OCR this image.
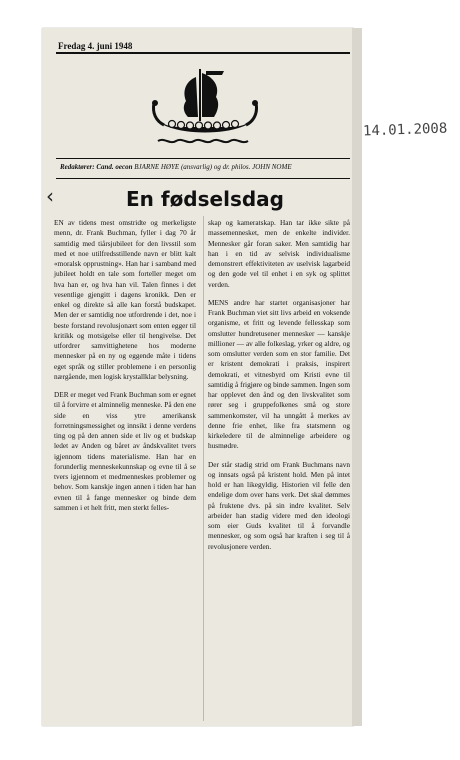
Fredag 4. juni 1948
14.01.2008
Redaktører: Cand. oecon BJARNE HØYE (ansvarlig) og dr. philos. JOHN NOME
‹	En fødselsdag

EN av tidens mest omstridte og merkeligste menn, dr. Frank Buchman, fyller i dag 70 år samtidig med tiårsjubileet for den livsstil som med et noe utilfredsstillende navn er blitt kalt «moralsk opprustning». Han har i samband med jubileet holdt en tale som forteller meget om hva han er, og hva han vil. Talen finnes i det vesentlige gjengitt i dagens kronikk. Den er enkel og direkte så alle kan forstå budskapet. Men der er samtidig noe utfordrende i det, noe i beste forstand revolusjonært som enten egger til kritikk og motsigelse eller til hengivelse. Det utfordrer samvittighetene hos moderne mennesker på en ny og eggende måte i tidens eget språk og stiller problemene i en personlig nærgående, men logisk krystallklar belysning.

DER er meget ved Frank Buchman som er egnet til å forvirre et alminnelig menneske. På den ene side en viss ytre amerikansk forretningsmessighet og innsikt i denne verdens ting og på den annen side et liv og et budskap ledet av Anden og båret av åndskvalitet tvers igjennom tidens materialisme. Han har en forunderlig menneskekunnskap og evne til å se tvers igjennom et medmenneskes problemer og behov. Som kanskje ingen annen i tiden har han evnen til å fange mennesker og binde dem sammen i et helt fritt, men sterkt felles-

skap og kameratskap. Han tar ikke sikte på massemennesket, men de enkelte individer. Mennesker går foran saker. Men samtidig har han i en tid av selvisk individualisme demonstrert effektiviteten av uselvisk lagarbeid og den gode vel til enhet i en syk og splittet verden.

MENS andre har startet organisasjoner har Frank Buchman viet sitt livs arbeid en voksende organisme, et fritt og levende fellesskap som omslutter hundretusener mennesker — kanskje millioner — av alle folkeslag, yrker og aldre, og som omslutter verden som en stor familie. Det er kristent demokrati i praksis, inspirert demokrati, et vitnesbyrd om Kristi evne til samtidig å frigjøre og binde sammen. Ingen som har opplevet den ånd og den livskvalitet som rører seg i gruppefolkenes små og store sammenkomster, vil ha unngått å merkes av denne frie enhet, like fra statsmenn og kirkeledere til de alminnelige arbeidere og husmødre.

Der står stadig strid om Frank Buchmans navn og innsats også på kristent hold. Men på intet hold er han likegyldig. Historien vil felle den endelige dom over hans verk. Det skal dømmes på fruktene dvs. på sin indre kvalitet. Selv arbeider han stadig videre med den ideologi som eier Guds kvalitet til å forvandle mennesker, og som også har kraften i seg til å revolusjonere verden.
